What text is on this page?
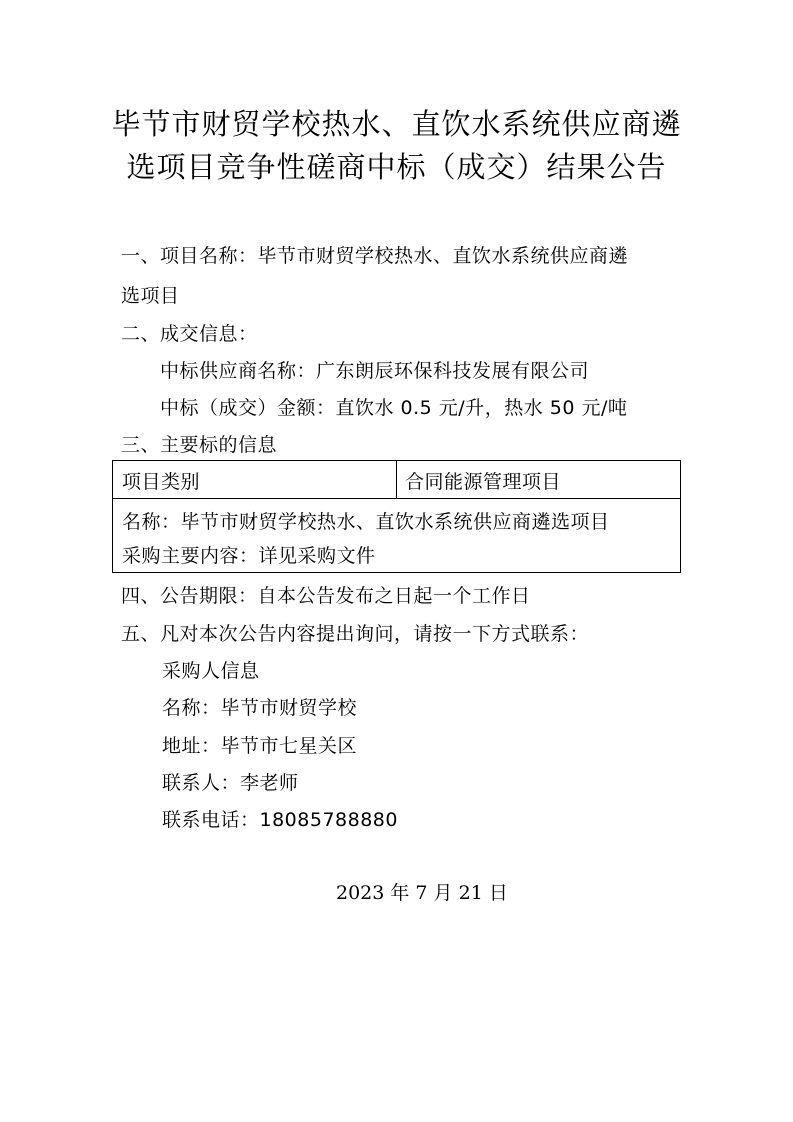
毕节市财贸学校热水、直饮水系统供应商遴
选项目竞争性磋商中标（成交）结果公告
一、项目名称：毕节市财贸学校热水、直饮水系统供应商遴
选项目
二、成交信息：
中标供应商名称：广东朗辰环保科技发展有限公司
中标（成交）金额：直饮水 0.5 元/升，热水 50 元/吨
三、主要标的信息
项目类别	合同能源管理项目
名称：毕节市财贸学校热水、直饮水系统供应商遴选项目
采购主要内容：详见采购文件
四、公告期限：自本公告发布之日起一个工作日
五、凡对本次公告内容提出询问，请按一下方式联系：
采购人信息
名称：毕节市财贸学校
地址：毕节市七星关区
联系人：李老师
联系电话：18085788880
2023 年 7 月 21 日
